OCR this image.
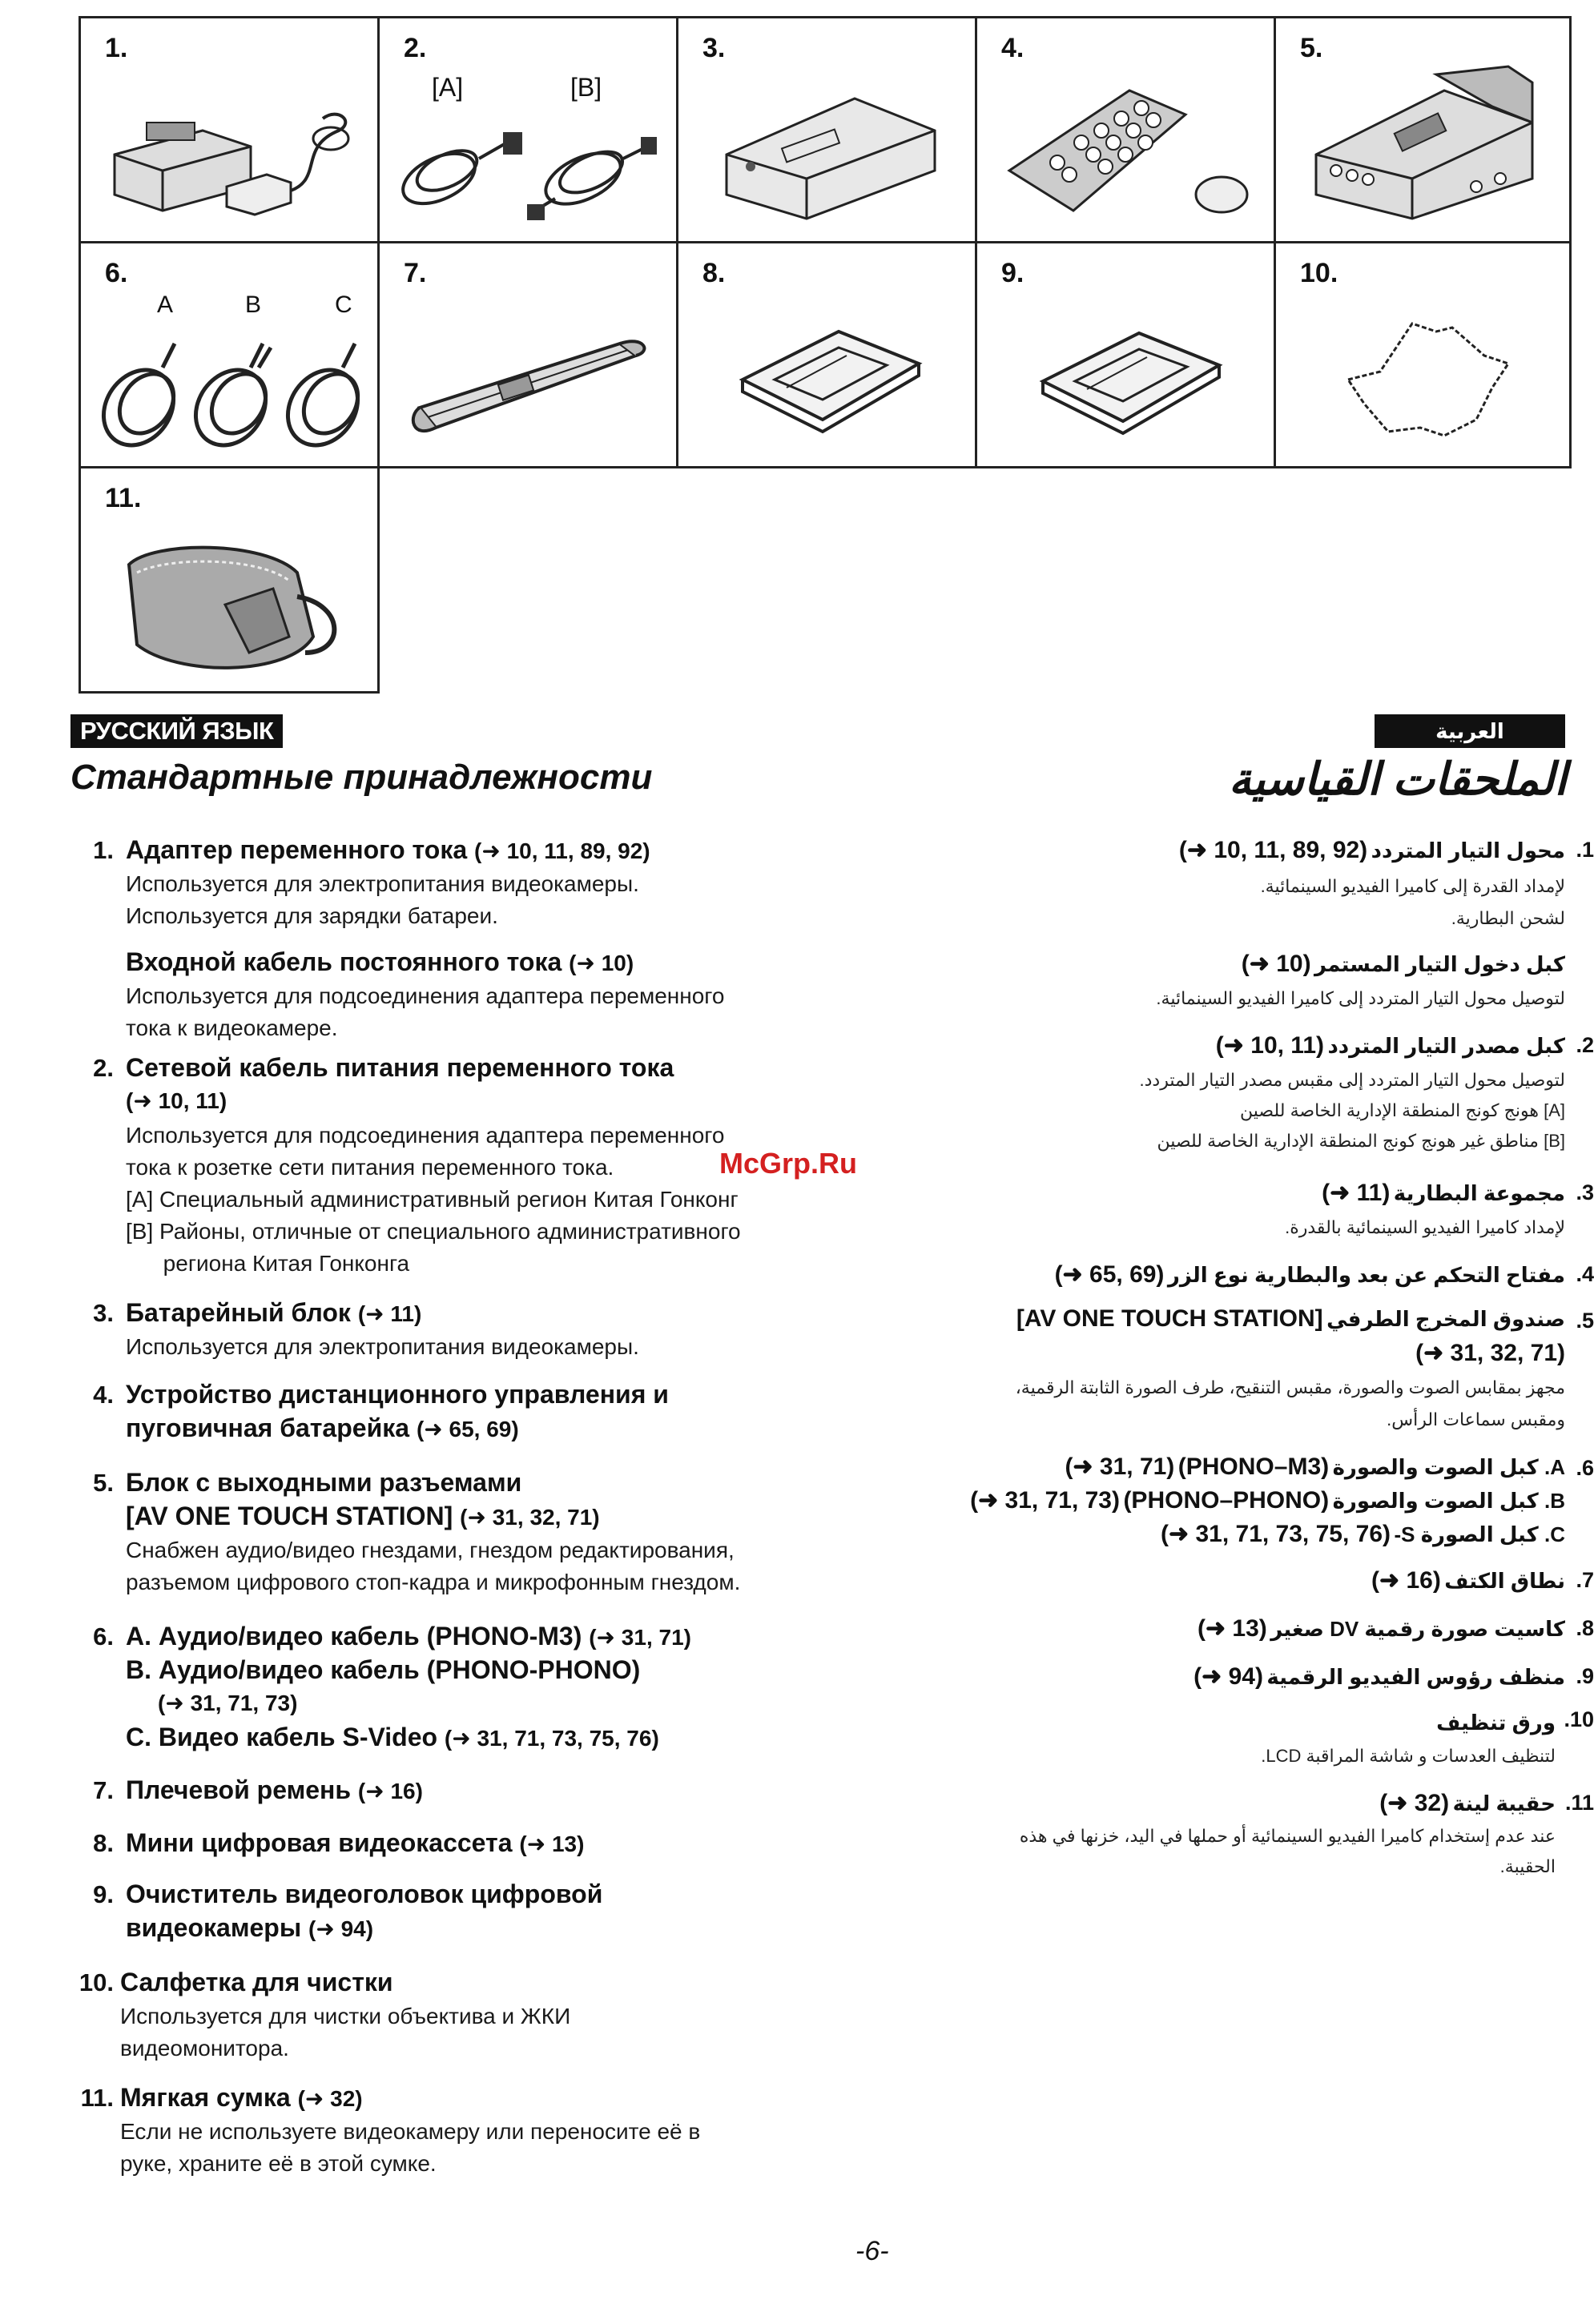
1.	2.
[A]	[B]
3.	4.	5.
6.
A	B	C
7.	8.	9.	10.
11.
РУССКИЙ ЯЗЫК	العربية
Стандартные принадлежности	الملحقات القياسية
1. Адаптер переменного тока (➜ 10, 11, 89, 92)
Используется для электропитания видеокамеры.
Используется для зарядки батареи.
Входной кабель постоянного тока (➜ 10)
Используется для подсоединения адаптера переменного
тока к видеокамере.
2. Сетевой кабель питания переменного тока
(➜ 10, 11)
Используется для подсоединения адаптера переменного
тока к розетке сети питания переменного тока.
[A] Специальный административный регион Китая Гонконг
[B] Районы, отличные от специального административного
региона Китая Гонконга
3. Батарейный блок (➜ 11)
Используется для электропитания видеокамеры.
4. Устройство дистанционного управления и
пуговичная батарейка (➜ 65, 69)
5. Блок с выходными разъемами
[AV ONE TOUCH STATION] (➜ 31, 32, 71)
Снабжен аудио/видео гнездами, гнездом редактирования,
разъемом цифрового стоп-кадра и микрофонным гнездом.
6. A. Аудио/видео кабель (PHONO-M3) (➜ 31, 71)
B. Аудио/видео кабель (PHONO-PHONO)
(➜ 31, 71, 73)
C. Видео кабель S-Video (➜ 31, 71, 73, 75, 76)
7. Плечевой ремень (➜ 16)
8. Мини цифровая видеокассета (➜ 13)
9. Очиститель видеоголовок цифровой
видеокамеры (➜ 94)
10. Салфетка для чистки
Используется для чистки объектива и ЖКИ
видеомонитора.
11. Мягкая сумка (➜ 32)
Если не используете видеокамеру или переносите её в
руке, храните её в этой сумке.
.1
محول التيار المتردد (➜ 10, 11, 89, 92)
لإمداد القدرة إلى كاميرا الفيديو السينمائية.
لشحن البطارية.
كبل دخول التيار المستمر (➜ 10)
لتوصيل محول التيار المتردد إلى كاميرا الفيديو السينمائية.
.2
كبل مصدر التيار المتردد (➜ 10, 11)
لتوصيل محول التيار المتردد إلى مقبس مصدر التيار المتردد.
[A] هونج كونج المنطقة الإدارية الخاصة للصين
[B] مناطق غير هونج كونج المنطقة الإدارية الخاصة للصين
.3
مجموعة البطارية (➜ 11)
لإمداد كاميرا الفيديو السينمائية بالقدرة.
.4
مفتاح التحكم عن بعد والبطارية نوع الزر (➜ 65, 69)
.5
صندوق المخرج الطرفي [AV ONE TOUCH STATION]
(➜ 31, 32, 71)
مجهز بمقابس الصوت والصورة، مقبس التنقيح، طرف الصورة الثابتة الرقمية،
ومقبس سماعات الرأس.
.6
A. كبل الصوت والصورة (PHONO–M3) (➜ 31, 71)
B. كبل الصوت والصورة (PHONO–PHONO) (➜ 31, 71, 73)
C. كبل الصورة S- (➜ 31, 71, 73, 75, 76)
.7
نطاق الكتف (➜ 16)
.8
كاسيت صورة رقمية DV صغير (➜ 13)
.9
منظف رؤوس الفيديو الرقمية (➜ 94)
.10
ورق تنظيف
لتنظيف العدسات و شاشة المراقبة LCD.
.11
حقيبة لينة (➜ 32)
عند عدم إستخدام كاميرا الفيديو السينمائية أو حملها في اليد، خزنها في هذه
الحقيبة.
McGrp.Ru
-6-
